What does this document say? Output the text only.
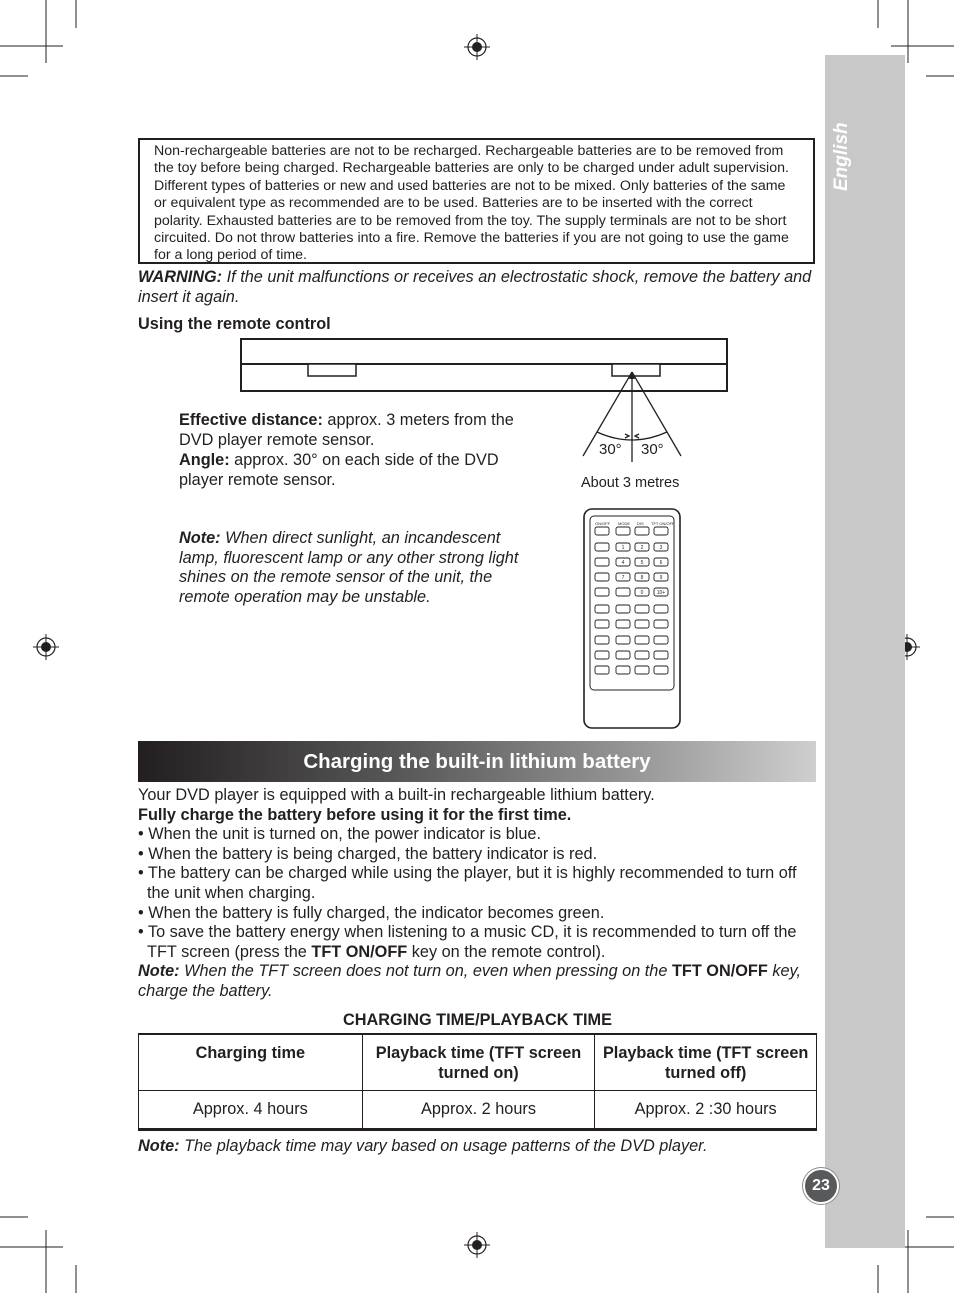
English
Non-rechargeable batteries are not to be recharged. Rechargeable batteries are to be removed from the toy before being charged. Rechargeable batteries are only to be charged under adult supervision. Different types of batteries or new and used batteries are not to be mixed. Only batteries of the same or equivalent type as recommended are to be used. Batteries are to be inserted with the correct polarity. Exhausted batteries are to be removed from the toy. The supply terminals are not to be short circuited. Do not throw batteries into a fire. Remove the batteries if you are not going to use the game for a long period of time.
WARNING: If the unit malfunctions or receives an electrostatic shock, remove the battery and insert it again.
Using the remote control
30° 30°
About 3 metres
Effective distance: approx. 3 meters from the DVD player remote sensor.
Angle: approx. 30° on each side of the DVD player remote sensor.
Note: When direct sunlight, an incandescent lamp, fluorescent lamp or any other strong light shines on the remote sensor of the unit, the remote operation may be unstable.
ON/OFF MODE DIS TFT ON/OFF
1	2	3
4	5	6
7	8	9
0	10+
Charging the built-in lithium battery
Your DVD player is equipped with a built-in rechargeable lithium battery.
Fully charge the battery before using it for the first time.
• When the unit is turned on, the power indicator is blue.
• When the battery is being charged, the battery indicator is red.
• The battery can be charged while using the player, but it is highly recommended to turn off the unit when charging.
• When the battery is fully charged, the indicator becomes green.
• To save the battery energy when listening to a music CD, it is recommended to turn off the TFT screen (press the TFT ON/OFF key on the remote control).
Note: When the TFT screen does not turn on, even when pressing on the TFT ON/OFF key, charge the battery.
CHARGING TIME/PLAYBACK TIME
Charging time	Playback time (TFT screen turned on)	Playback time (TFT screen turned off)
Approx. 4 hours	Approx. 2 hours	Approx. 2 :30 hours
Note: The playback time may vary based on usage patterns of the DVD player.
23
